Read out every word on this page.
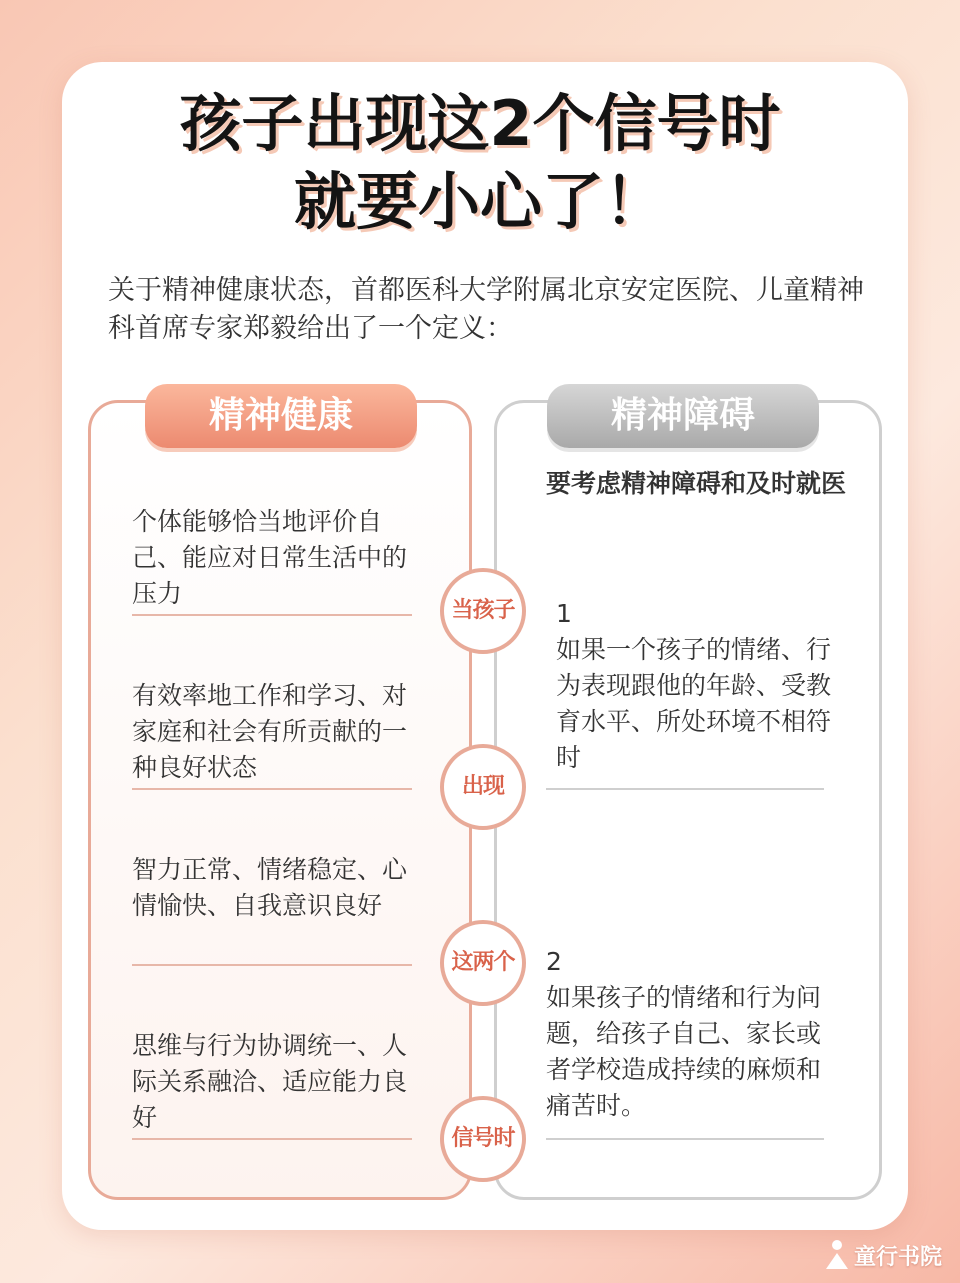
孩子出现这2个信号时
就要小心了！
关于精神健康状态，首都医科大学附属北京安定医院、儿童精神科首席专家郑毅给出了一个定义：
精神健康	精神障碍
个体能够恰当地评价自己、能应对日常生活中的压力
有效率地工作和学习、对家庭和社会有所贡献的一种良好状态
智力正常、情绪稳定、心情愉快、自我意识良好
思维与行为协调统一、人际关系融洽、适应能力良好
要考虑精神障碍和及时就医
1
如果一个孩子的情绪、行为表现跟他的年龄、受教育水平、所处环境不相符时
2
如果孩子的情绪和行为问题，给孩子自己、家长或者学校造成持续的麻烦和痛苦时。
当孩子
出现
这两个
信号时
童行书院
